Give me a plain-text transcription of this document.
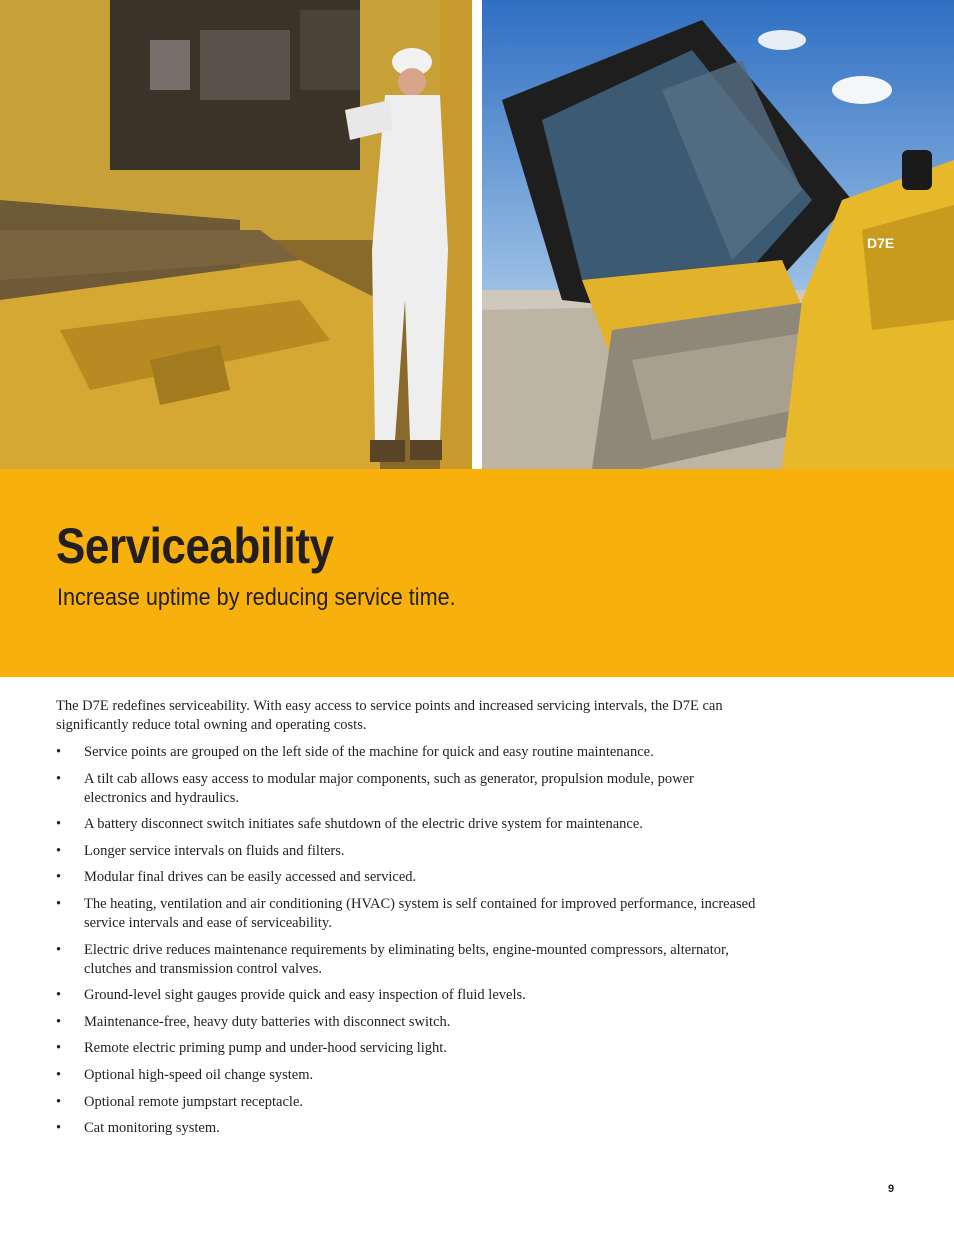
D7E
Serviceability

Increase uptime by reducing service time.

The D7E redefines serviceability. With easy access to service points and increased servicing intervals, the D7E can significantly reduce total owning and operating costs.

• Service points are grouped on the left side of the machine for quick and easy routine maintenance.
• A tilt cab allows easy access to modular major components, such as generator, propulsion module, power electronics and hydraulics.
• A battery disconnect switch initiates safe shutdown of the electric drive system for maintenance.
• Longer service intervals on fluids and filters.
• Modular final drives can be easily accessed and serviced.
• The heating, ventilation and air conditioning (HVAC) system is self contained for improved performance, increased service intervals and ease of serviceability.
• Electric drive reduces maintenance requirements by eliminating belts, engine-mounted compressors, alternator, clutches and transmission control valves.
• Ground-level sight gauges provide quick and easy inspection of fluid levels.
• Maintenance-free, heavy duty batteries with disconnect switch.
• Remote electric priming pump and under-hood servicing light.
• Optional high-speed oil change system.
• Optional remote jumpstart receptacle.
• Cat monitoring system.
9
